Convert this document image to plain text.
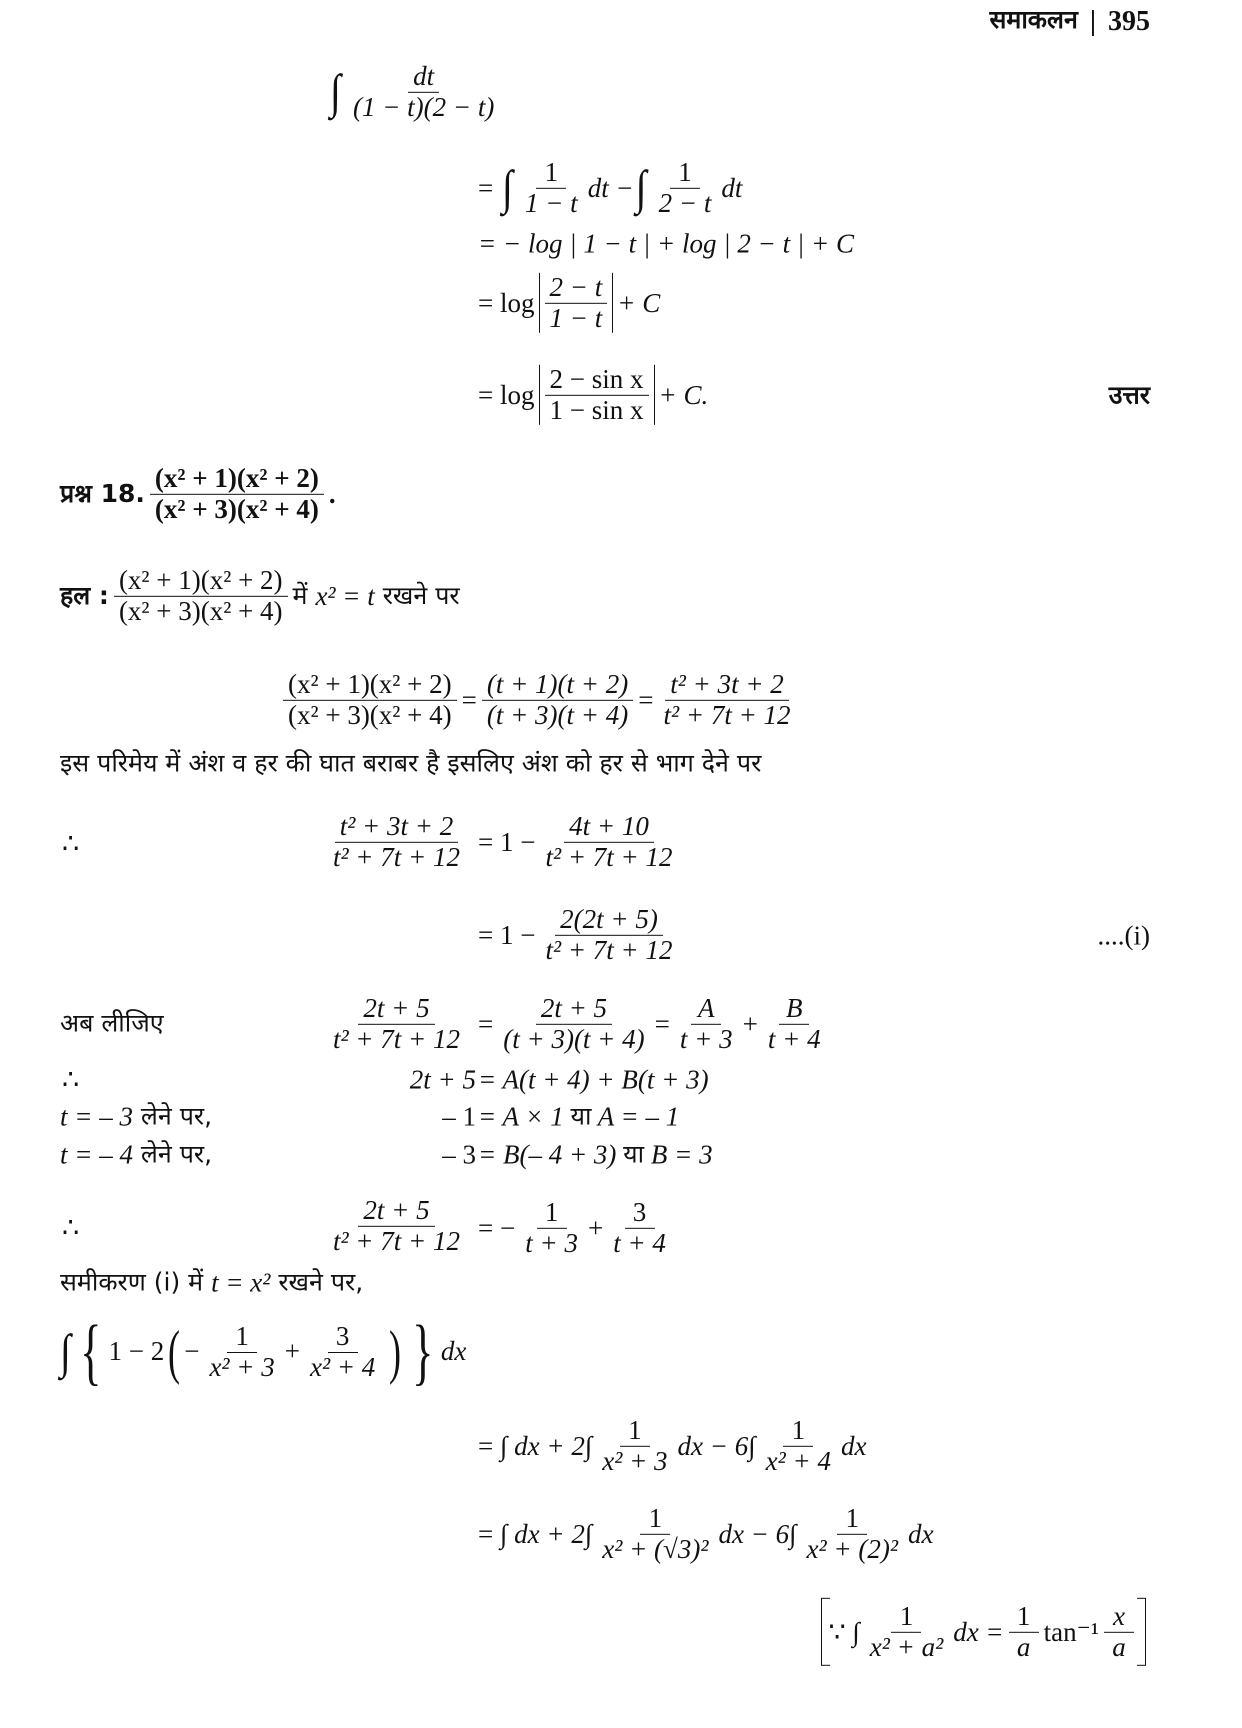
समाकलन | 395
∫ $\frac{dt}{(1 - t)(2 - t)}$
=
∫ $\frac{1}{1 - t}$ dt − ∫ $\frac{1}{2 - t}$ dt
= − log | 1 − t | + log | 2 − t | + C
=
$\log \frac{2 - t}{1 - t} + C$
=
$\log \frac{\text{2 − sin x}}{\text{1 − sin x}} + C$.	उत्तर
प्रश्न 18. $\frac{\text{(x² + 1)(x² + 2)}}{\text{(x² + 3)(x² + 4)}}$ .
हल : $\frac{\text{(x² + 1)(x² + 2)}}{\text{(x² + 3)(x² + 4)}}$ में x² = t रखने पर
$\frac{\text{(x² + 1)(x² + 2)}}{\text{(x² + 3)(x² + 4)}} = \frac{(t + 1)(t + 2)}{(t + 3)(t + 4)} = \frac{\text{t² + 3t + 2}}{\text{t² + 7t + 12}}$
इस परिमेय में अंश व हर की घात बराबर है इसलिए अंश को हर से भाग देने पर
∴	$\frac{\text{t² + 3t + 2}}{\text{t² + 7t + 12}} = 1 - \frac{4t + 10}{\text{t² + 7t + 12}}$
= $1 - \frac{2(2t + 5)}{\text{t² + 7t + 12}}$	....(i)
अब लीजिए	$\frac{2t + 5}{\text{t² + 7t + 12}} = \frac{2t + 5}{(t + 3)(t + 4)} = \frac{A}{t + 3} + \frac{B}{t + 4}$
∴	2t + 5 = A(t + 4) + B(t + 3)
t = – 3 लेने पर,	– 1 = A × 1 या A = – 1
t = – 4 लेने पर,	– 3 = B(– 4 + 3) या B = 3
∴	$\frac{2t + 5}{\text{t² + 7t + 12}}$ = − $\frac{1}{t + 3} + \frac{3}{t + 4}$
समीकरण (i) में t = x² रखने पर,
∫ { 1 − 2 ( − $\frac{1}{\text{x² + 3}} + \frac{3}{\text{x² + 4}}$ ) } dx
=
∫ dx + $2\int \frac{1}{\text{x² + 3}}$ dx − $6\int \frac{1}{\text{x² + 4}}$ dx
=
∫ dx + $2\int \frac{1}{\text{x² + (√3)²}}$ dx − $6\int \frac{1}{\text{x² + (2)²}}$ dx
∵ ∫ $\frac{1}{\text{x² + a²}}$ dx = $\frac{1}{a} \tan^{-1} \frac{x}{a}$
